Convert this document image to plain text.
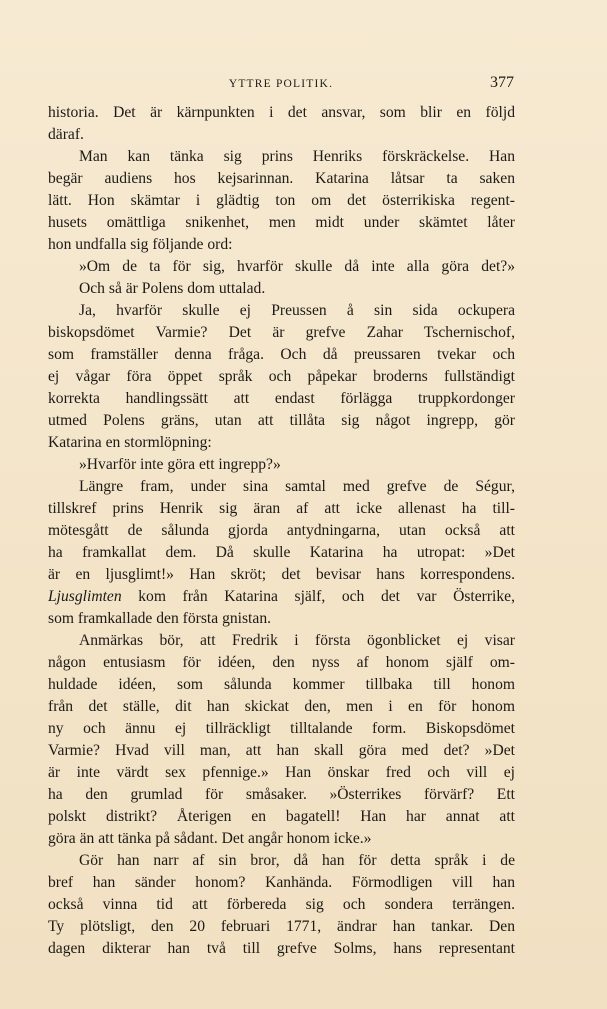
YTTRE POLITIK.	377
historia. Det är kärnpunkten i det ansvar, som blir en följd
däraf.
Man kan tänka sig prins Henriks förskräckelse. Han
begär audiens hos kejsarinnan. Katarina låtsar ta saken
lätt. Hon skämtar i glädtig ton om det österrikiska regent-
husets omättliga snikenhet, men midt under skämtet låter
hon undfalla sig följande ord:
»Om de ta för sig, hvarför skulle då inte alla göra det?»
Och så är Polens dom uttalad.
Ja, hvarför skulle ej Preussen å sin sida ockupera
biskopsdömet Varmie? Det är grefve Zahar Tschernischof,
som framställer denna fråga. Och då preussaren tvekar och
ej vågar föra öppet språk och påpekar broderns fullständigt
korrekta handlingssätt att endast förlägga truppkordonger
utmed Polens gräns, utan att tillåta sig något ingrepp, gör
Katarina en stormlöpning:
»Hvarför inte göra ett ingrepp?»
Längre fram, under sina samtal med grefve de Ségur,
tillskref prins Henrik sig äran af att icke allenast ha till-
mötesgått de sålunda gjorda antydningarna, utan också att
ha framkallat dem. Då skulle Katarina ha utropat: »Det
är en ljusglimt!» Han skröt; det bevisar hans korrespondens.
Ljusglimten kom från Katarina själf, och det var Österrike,
som framkallade den första gnistan.
Anmärkas bör, att Fredrik i första ögonblicket ej visar
någon entusiasm för idéen, den nyss af honom själf om-
huldade idéen, som sålunda kommer tillbaka till honom
från det ställe, dit han skickat den, men i en för honom
ny och ännu ej tillräckligt tilltalande form. Biskopsdömet
Varmie? Hvad vill man, att han skall göra med det? »Det
är inte värdt sex pfennige.» Han önskar fred och vill ej
ha den grumlad för småsaker. »Österrikes förvärf? Ett
polskt distrikt? Återigen en bagatell! Han har annat att
göra än att tänka på sådant. Det angår honom icke.»
Gör han narr af sin bror, då han för detta språk i de
bref han sänder honom? Kanhända. Förmodligen vill han
också vinna tid att förbereda sig och sondera terrängen.
Ty plötsligt, den 20 februari 1771, ändrar han tankar. Den
dagen dikterar han två till grefve Solms, hans representant
